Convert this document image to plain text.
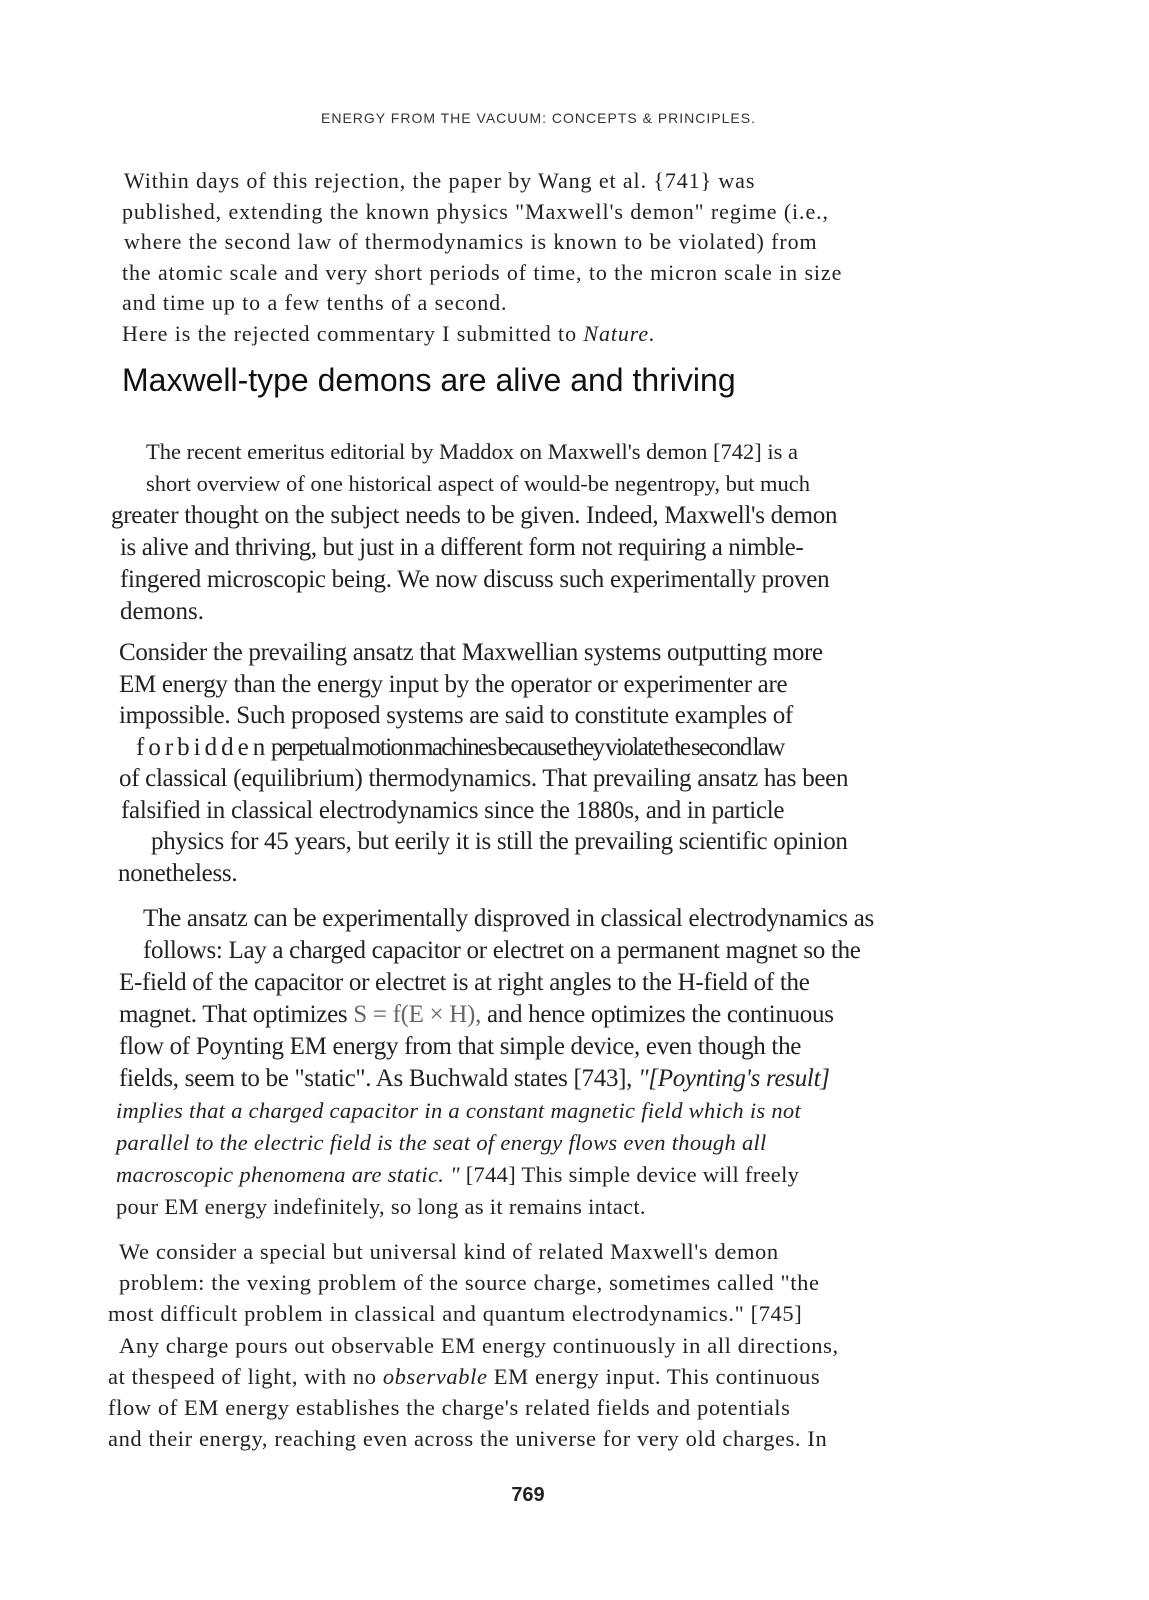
ENERGY FROM THE VACUUM: CONCEPTS & PRINCIPLES.

Within days of this rejection, the paper by Wang et al. {741} was
published, extending the known physics "Maxwell's demon" regime (i.e.,
where the second law of thermodynamics is known to be violated) from
the atomic scale and very short periods of time, to the micron scale in size
and time up to a few tenths of a second.
Here is the rejected commentary I submitted to Nature.

Maxwell-type demons are alive and thriving

The recent emeritus editorial by Maddox on Maxwell's demon [742] is a
short overview of one historical aspect of would-be negentropy, but much
greater thought on the subject needs to be given. Indeed, Maxwell's demon
is alive and thriving, but just in a different form not requiring a nimble-
fingered microscopic being. We now discuss such experimentally proven
demons.

Consider the prevailing ansatz that Maxwellian systems outputting more
EM energy than the energy input by the operator or experimenter are
impossible. Such proposed systems are said to constitute examples of
forbidden perpetual motion machines because they violate the second law
of classical (equilibrium) thermodynamics. That prevailing ansatz has been
falsified in classical electrodynamics since the 1880s, and in particle
physics for 45 years, but eerily it is still the prevailing scientific opinion
nonetheless.

The ansatz can be experimentally disproved in classical electrodynamics as
follows: Lay a charged capacitor or electret on a permanent magnet so the
E-field of the capacitor or electret is at right angles to the H-field of the
magnet. That optimizes S = f(E × H), and hence optimizes the continuous
flow of Poynting EM energy from that simple device, even though the
fields, seem to be "static". As Buchwald states [743], "[Poynting's result]
implies that a charged capacitor in a constant magnetic field which is not
parallel to the electric field is the seat of energy flows even though all
macroscopic phenomena are static. " [744] This simple device will freely
pour EM energy indefinitely, so long as it remains intact.

We consider a special but universal kind of related Maxwell's demon
problem: the vexing problem of the source charge, sometimes called "the
most difficult problem in classical and quantum electrodynamics." [745]
Any charge pours out observable EM energy continuously in all directions,
at thespeed of light, with no observable EM energy input. This continuous
flow of EM energy establishes the charge's related fields and potentials
and their energy, reaching even across the universe for very old charges. In

769
